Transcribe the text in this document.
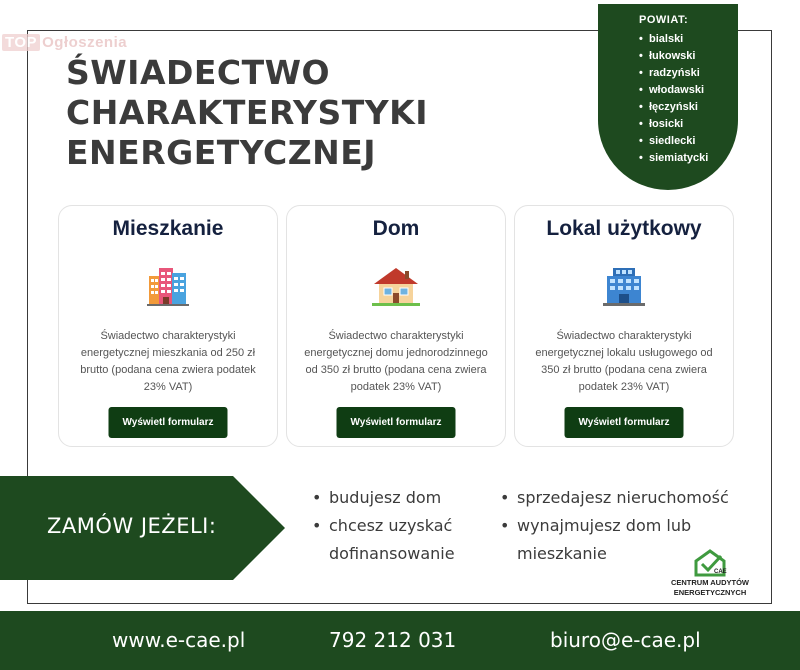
TOP Ogłoszenia
ŚWIADECTWO
CHARAKTERYSTYKI
ENERGETYCZNEJ
POWIAT:
• bialski
• łukowski
• radzyński
• włodawski
• łęczyński
• łosicki
• siedlecki
• siemiatycki
Mieszkanie

Świadectwo charakterystyki energetycznej mieszkania od 250 zł brutto (podana cena zwiera podatek 23% VAT)

Wyświetl formularz
Dom

Świadectwo charakterystyki energetycznej domu jednorodzinnego od 350 zł brutto (podana cena zwiera podatek 23% VAT)

Wyświetl formularz
Lokal użytkowy

Świadectwo charakterystyki energetycznej lokalu usługowego od 350 zł brutto (podana cena zwiera podatek 23% VAT)

Wyświetl formularz
ZAMÓW JEŻELI:
• budujesz dom
• chcesz uzyskać dofinansowanie
• sprzedajesz nieruchomość
• wynajmujesz dom lub mieszkanie
CAE
CENTRUM AUDYTÓW
ENERGETYCZNYCH
www.e-cae.pl	792 212 031	biuro@e-cae.pl
